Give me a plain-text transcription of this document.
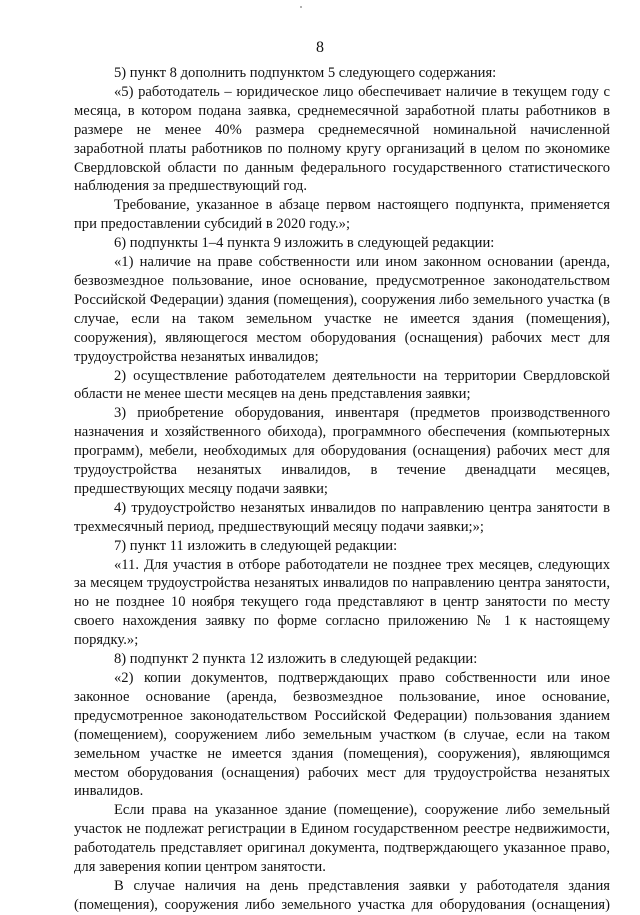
8

5) пункт 8 дополнить подпунктом 5 следующего содержания:

«5) работодатель – юридическое лицо обеспечивает наличие в текущем году с месяца, в котором подана заявка, среднемесячной заработной платы работников в размере не менее 40% размера среднемесячной номинальной начисленной заработной платы работников по полному кругу организаций в целом по экономике Свердловской области по данным федерального государственного статистического наблюдения за предшествующий год.

Требование, указанное в абзаце первом настоящего подпункта, применяется при предоставлении субсидий в 2020 году.»;

6) подпункты 1–4 пункта 9 изложить в следующей редакции:

«1) наличие на праве собственности или ином законном основании (аренда, безвозмездное пользование, иное основание, предусмотренное законодательством Российской Федерации) здания (помещения), сооружения либо земельного участка (в случае, если на таком земельном участке не имеется здания (помещения), сооружения), являющегося местом оборудования (оснащения) рабочих мест для трудоустройства незанятых инвалидов;

2) осуществление работодателем деятельности на территории Свердловской области не менее шести месяцев на день представления заявки;

3) приобретение оборудования, инвентаря (предметов производственного назначения и хозяйственного обихода), программного обеспечения (компьютерных программ), мебели, необходимых для оборудования (оснащения) рабочих мест для трудоустройства незанятых инвалидов, в течение двенадцати месяцев, предшествующих месяцу подачи заявки;

4) трудоустройство незанятых инвалидов по направлению центра занятости в трехмесячный период, предшествующий месяцу подачи заявки;»;

7) пункт 11 изложить в следующей редакции:

«11. Для участия в отборе работодатели не позднее трех месяцев, следующих за месяцем трудоустройства незанятых инвалидов по направлению центра занятости, но не позднее 10 ноября текущего года представляют в центр занятости по месту своего нахождения заявку по форме согласно приложению № 1 к настоящему порядку.»;

8) подпункт 2 пункта 12 изложить в следующей редакции:

«2) копии документов, подтверждающих право собственности или иное законное основание (аренда, безвозмездное пользование, иное основание, предусмотренное законодательством Российской Федерации) пользования зданием (помещением), сооружением либо земельным участком (в случае, если на таком земельном участке не имеется здания (помещения), сооружения), являющимся местом оборудования (оснащения) рабочих мест для трудоустройства незанятых инвалидов.

Если права на указанное здание (помещение), сооружение либо земельный участок не подлежат регистрации в Едином государственном реестре недвижимости, работодатель представляет оригинал документа, подтверждающего указанное право, для заверения копии центром занятости.

В случае наличия на день представления заявки у работодателя здания (помещения), сооружения либо земельного участка для оборудования (оснащения)
